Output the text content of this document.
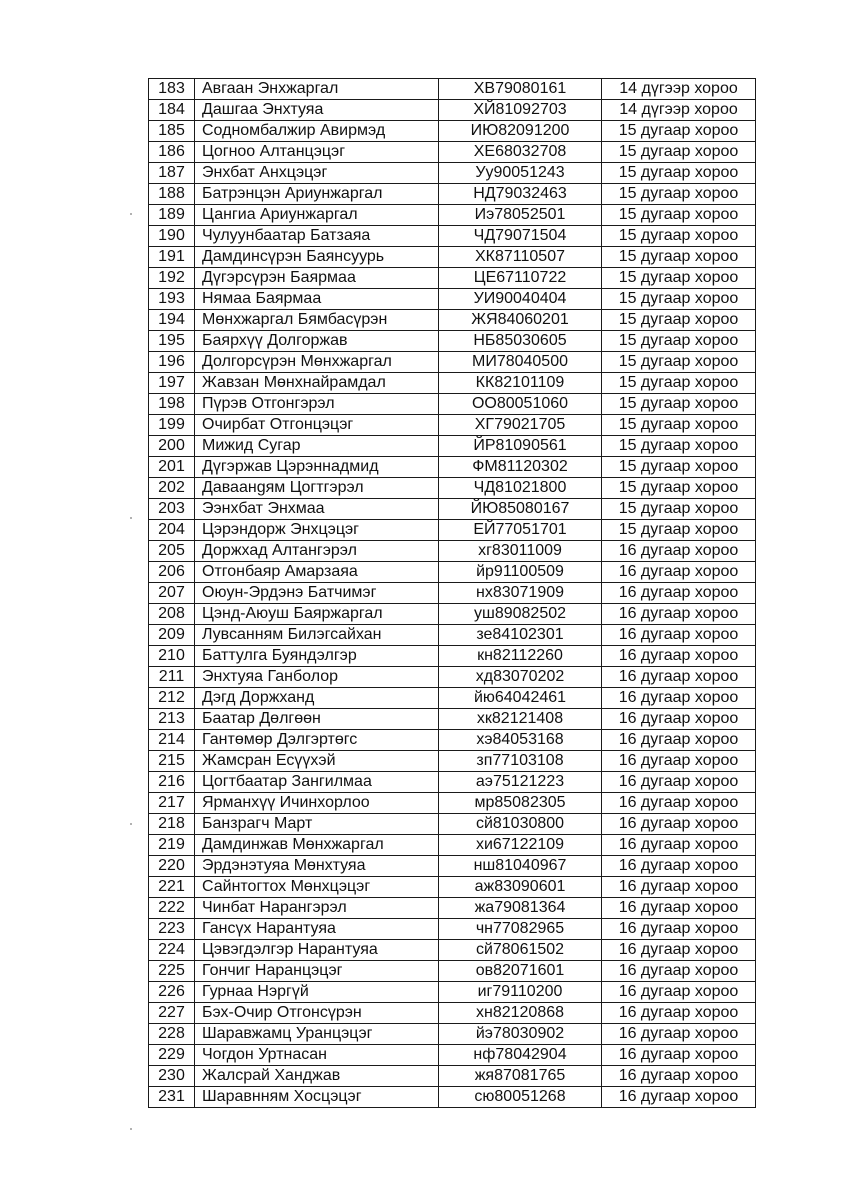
183	Авгаан Энхжаргал	ХВ79080161	14 дүгээр хороо
184	Дашгаа Энхтуяа	ХЙ81092703	14 дүгээр хороо
185	Содномбалжир Авирмэд	ИЮ82091200	15 дугаар хороо
186	Цогноо Алтанцэцэг	ХЕ68032708	15 дугаар хороо
187	Энхбат Анхцэцэг	Уу90051243	15 дугаар хороо
188	Батрэнцэн Ариунжаргал	НД79032463	15 дугаар хороо
189	Цангиа Ариунжаргал	Иэ78052501	15 дугаар хороо
190	Чулуунбаатар Батзаяа	ЧД79071504	15 дугаар хороо
191	Дамдинсүрэн Баянсуурь	ХК87110507	15 дугаар хороо
192	Дүгэрсүрэн Баярмаа	ЦЕ67110722	15 дугаар хороо
193	Нямаа Баярмаа	УИ90040404	15 дугаар хороо
194	Мөнхжаргал Бямбасүрэн	ЖЯ84060201	15 дугаар хороо
195	Баярхүү Долгоржав	НБ85030605	15 дугаар хороо
196	Долгорсүрэн Мөнхжаргал	МИ78040500	15 дугаар хороо
197	Жавзан Мөнхнайрамдал	КК82101109	15 дугаар хороо
198	Пүрэв Отгонгэрэл	ОО80051060	15 дугаар хороо
199	Очирбат Отгонцэцэг	ХГ79021705	15 дугаар хороо
200	Мижид Сугар	ЙР81090561	15 дугаар хороо
201	Дүгэржав Цэрэннадмид	ФМ81120302	15 дугаар хороо
202	Даваанgям Цогтгэрэл	ЧД81021800	15 дугаар хороо
203	Ээнхбат Энхмаа	ЙЮ85080167	15 дугаар хороо
204	Цэрэндорж Энхцэцэг	ЕЙ77051701	15 дугаар хороо
205	Доржхад Алтангэрэл	хг83011009	16 дугаар хороо
206	Отгонбаяр Амарзаяа	йр91100509	16 дугаар хороо
207	Оюун-Эрдэнэ Батчимэг	нх83071909	16 дугаар хороо
208	Цэнд-Аюуш Баяржаргал	уш89082502	16 дугаар хороо
209	Лувсанням Билэгсайхан	зе84102301	16 дугаар хороо
210	Баттулга Буяндэлгэр	кн82112260	16 дугаар хороо
211	Энхтуяа Ганболор	хд83070202	16 дугаар хороо
212	Дэгд Доржханд	йю64042461	16 дугаар хороо
213	Баатар Дөлгөөн	хк82121408	16 дугаар хороо
214	Гантөмөр Дэлгэртөгс	хэ84053168	16 дугаар хороо
215	Жамсран Есүүхэй	зп77103108	16 дугаар хороо
216	Цогтбаатар Зангилмаа	аэ75121223	16 дугаар хороо
217	Ярманхүү Ичинхорлоо	мр85082305	16 дугаар хороо
218	Банзрагч Март	сй81030800	16 дугаар хороо
219	Дамдинжав Мөнхжаргал	хи67122109	16 дугаар хороо
220	Эрдэнэтуяа Мөнхтуяа	нш81040967	16 дугаар хороо
221	Сайнтогтох Мөнхцэцэг	аж83090601	16 дугаар хороо
222	Чинбат Нарангэрэл	жа79081364	16 дугаар хороо
223	Гансүх Нарантуяа	чн77082965	16 дугаар хороо
224	Цэвэгдэлгэр Нарантуяа	сй78061502	16 дугаар хороо
225	Гончиг Наранцэцэг	ов82071601	16 дугаар хороо
226	Гурнаа Нэргүй	иг79110200	16 дугаар хороо
227	Бэх-Очир Отгонсүрэн	хн82120868	16 дугаар хороо
228	Шаравжамц Уранцэцэг	йэ78030902	16 дугаар хороо
229	Чогдон Уртнасан	нф78042904	16 дугаар хороо
230	Жалсрай Ханджав	жя87081765	16 дугаар хороо
231	Шаравнням Хосцэцэг	сю80051268	16 дугаар хороо
